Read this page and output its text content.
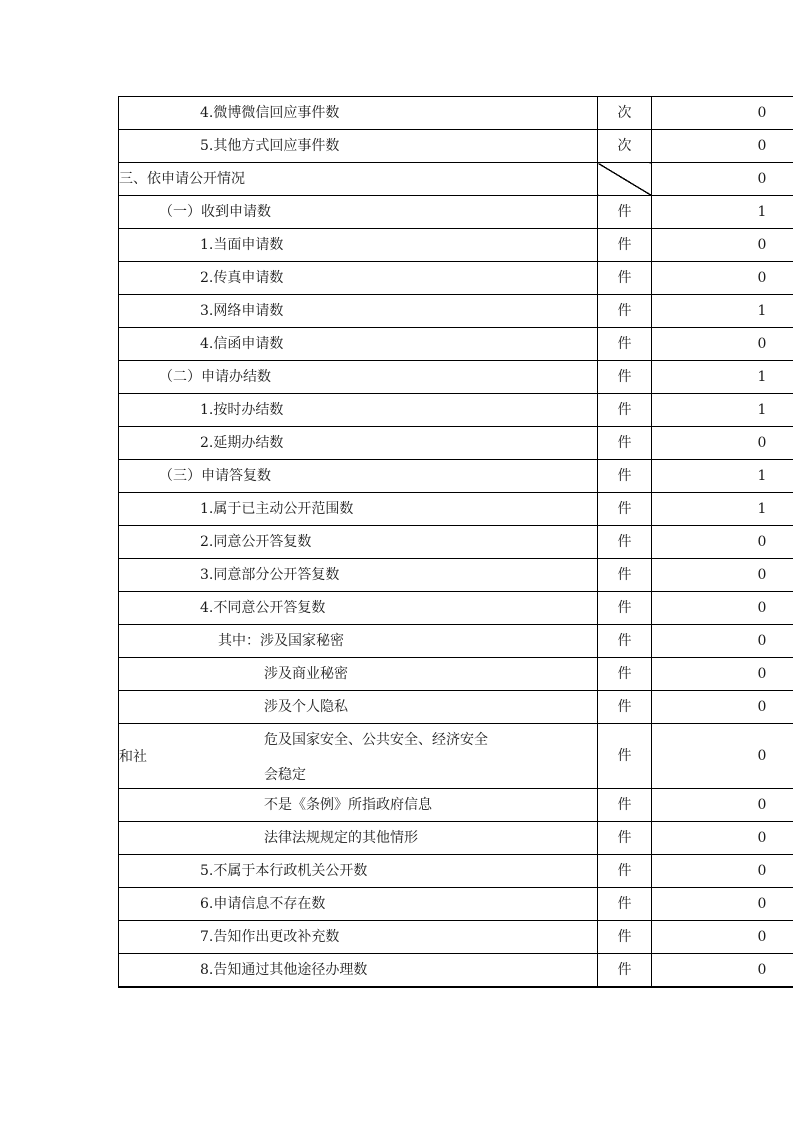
4.微博微信回应事件数	次	0
5.其他方式回应事件数	次	0
三、依申请公开情况		0
（一）收到申请数	件	1
1.当面申请数	件	0
2.传真申请数	件	0
3.网络申请数	件	1
4.信函申请数	件	0
（二）申请办结数	件	1
1.按时办结数	件	1
2.延期办结数	件	0
（三）申请答复数	件	1
1.属于已主动公开范围数	件	1
2.同意公开答复数	件	0
3.同意部分公开答复数	件	0
4.不同意公开答复数	件	0
其中：涉及国家秘密	件	0
涉及商业秘密	件	0
涉及个人隐私	件	0

危及国家安全、公共安全、经济安全
和社
会稳定	件	0
不是《条例》所指政府信息	件	0
法律法规规定的其他情形	件	0
5.不属于本行政机关公开数	件	0
6.申请信息不存在数	件	0
7.告知作出更改补充数	件	0
8.告知通过其他途径办理数	件	0
